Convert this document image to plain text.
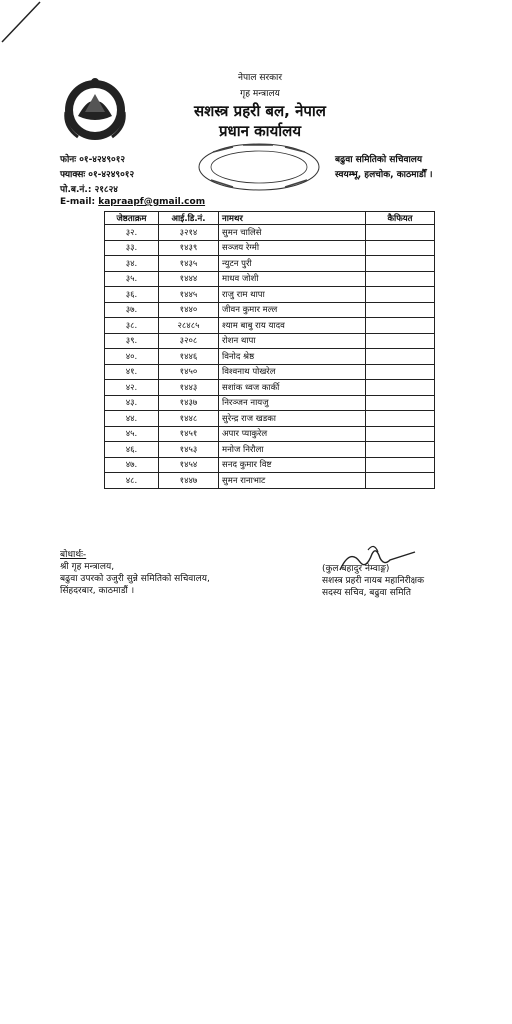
नेपाल सरकार
गृह मन्त्रालय
सशस्त्र प्रहरी बल, नेपाल
प्रधान कार्यालय
फोनः ०१-४२४९०१२
फ्याक्सः ०१-४२४९०१२
पो.ब.नं.: २१८२४
E-mail: kapraapf@gmail.com
बढुवा समितिको सचिवालय
स्वयम्भू, हलचोक, काठमाडौँ ।
जेष्ठताक्रम	आई.डि.नं.	नामथर	कैफियत
३२.	३२१४	सुमन चालिसे	
३३.	१४३९	सञ्जय रेग्मी	
३४.	१४३५	न्युटन पुरी	
३५.	१४४४	माधव जोशी	
३६.	१४४५	राजु राम थापा	
३७.	१४४०	जीवन कुमार मल्ल	
३८.	२८४८५	श्याम बाबु राय यादव	
३९.	३२०८	रोशन थापा	
४०.	१४४६	विनोद श्रेष्ठ	
४१.	१४५०	विश्वनाथ पोखरेल	
४२.	१४४३	सशांक ध्वज कार्की	
४३.	१४३७	निरञ्जन नायजु	
४४.	१४४८	सुरेन्द्र राज खडका	
४५.	१४५१	अपार प्याकुरेल	
४६.	१४५३	मनोज निरौला	
४७.	१४५४	सनद कुमार विष्ट	
४८.	१४४७	सुमन रानाभाट	
बोधार्थः-
श्री गृह मन्त्रालय,
बढुवा उपरको उजुरी सुन्ने समितिको सचिवालय,
सिंहदरबार, काठमाडौं ।
(कुल बहादुर नेम्वाङ्ग)
सशस्त्र प्रहरी नायब महानिरीक्षक
सदस्य सचिव, बढुवा समिति
